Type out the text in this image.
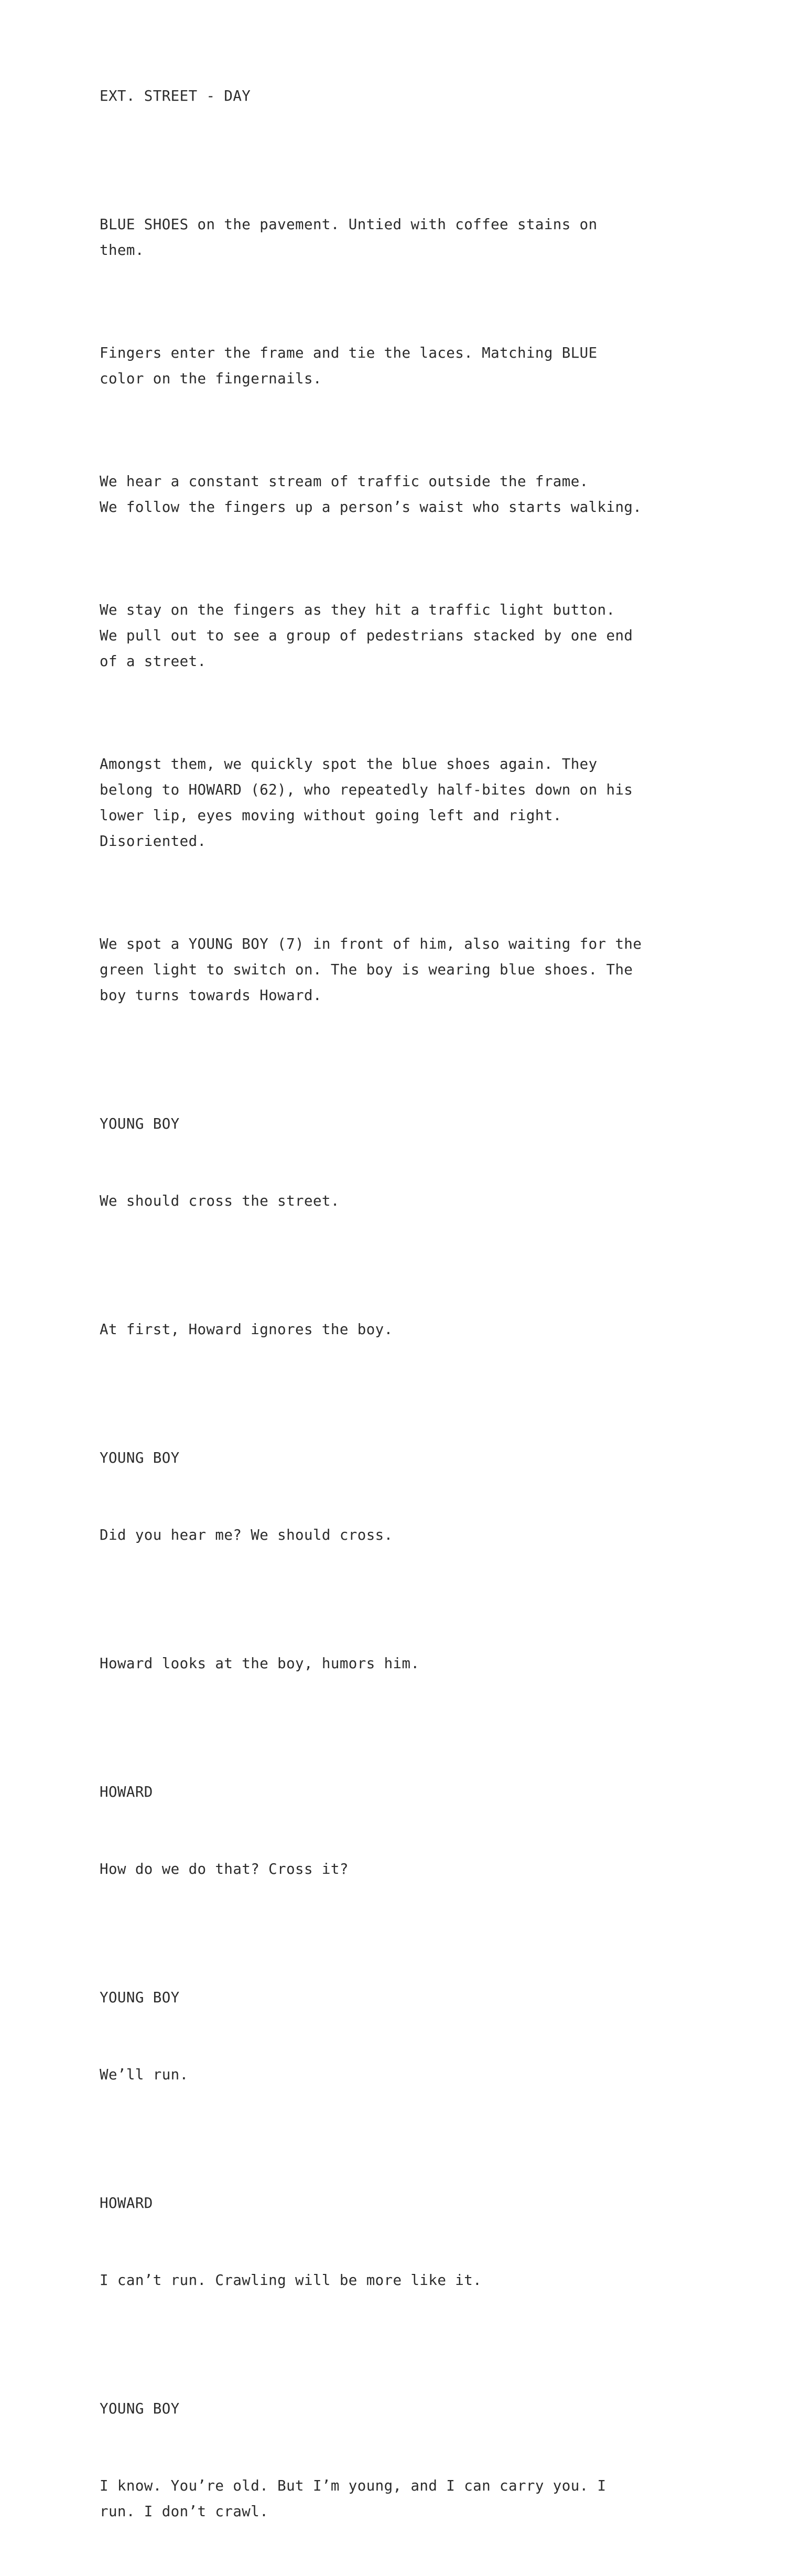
EXT. STREET - DAY

BLUE SHOES on the pavement. Untied with coffee stains on
them.

Fingers enter the frame and tie the laces. Matching BLUE
color on the fingernails.

We hear a constant stream of traffic outside the frame.
We follow the fingers up a person’s waist who starts walking.

We stay on the fingers as they hit a traffic light button.
We pull out to see a group of pedestrians stacked by one end
of a street.

Amongst them, we quickly spot the blue shoes again. They
belong to HOWARD (62), who repeatedly half-bites down on his
lower lip, eyes moving without going left and right.
Disoriented.

We spot a YOUNG BOY (7) in front of him, also waiting for the
green light to switch on. The boy is wearing blue shoes. The
boy turns towards Howard.

YOUNG BOY

We should cross the street.

At first, Howard ignores the boy.

YOUNG BOY

Did you hear me? We should cross.

Howard looks at the boy, humors him.

HOWARD

How do we do that? Cross it?

YOUNG BOY

We’ll run.

HOWARD

I can’t run. Crawling will be more like it.

YOUNG BOY

I know. You’re old. But I’m young, and I can carry you. I
run. I don’t crawl.
